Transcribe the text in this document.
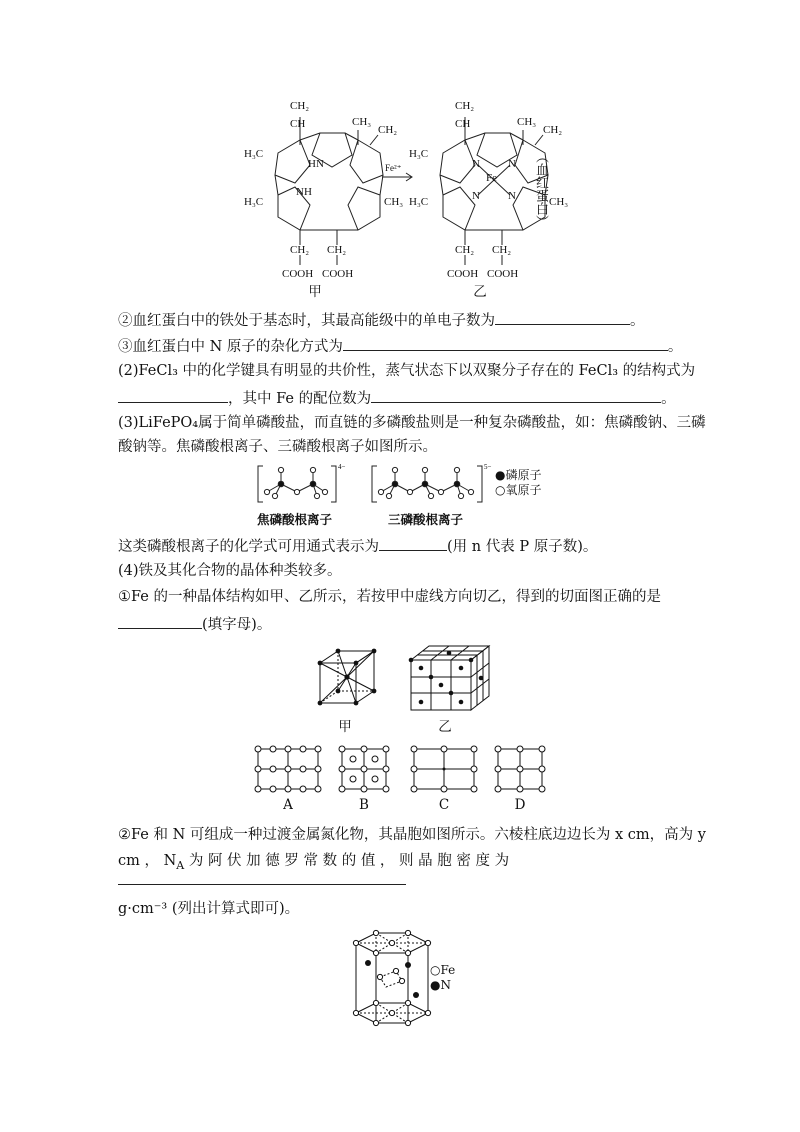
CH₂
CH	CH₃
CH₂
H₃C
HN
NH
H₃C	CH₃
CH₂ CH₂
COOH COOH
CH₂
CH	CH₃
CH₂
H₃C
N	N
Fe
N	N
H₃C	CH₃
CH₂ CH₂
COOH COOH
Fe²⁺	（血红蛋白）
甲	乙
②血红蛋白中的铁处于基态时，其最高能级中的单电子数为	。
③血红蛋白中 N 原子的杂化方式为	。
(2)FeCl₃ 中的化学键具有明显的共价性，蒸气状态下以双聚分子存在的 FeCl₃ 的结构式为
，其中 Fe 的配位数为	。
(3)LiFePO₄属于简单磷酸盐，而直链的多磷酸盐则是一种复杂磷酸盐，如：焦磷酸钠、三磷
酸钠等。焦磷酸根离子、三磷酸根离子如图所示。
4−	5−
焦磷酸根离子	三磷酸根离子
●磷原子
○氧原子
这类磷酸根离子的化学式可用通式表示为	(用 n 代表 P 原子数)。
(4)铁及其化合物的晶体种类较多。
①Fe 的一种晶体结构如甲、乙所示，若按甲中虚线方向切乙，得到的切面图正确的是
(填字母)。
甲	乙
A	B	C	D
②Fe 和 N 可组成一种过渡金属氮化物，其晶胞如图所示。六棱柱底边边长为 x cm，高为 y
cm ， $N_A$ 为 阿 伏 加 德 罗 常 数 的 值 ， 则 晶 胞 密 度 为
g·cm⁻³ (列出计算式即可)。
○Fe
●N
